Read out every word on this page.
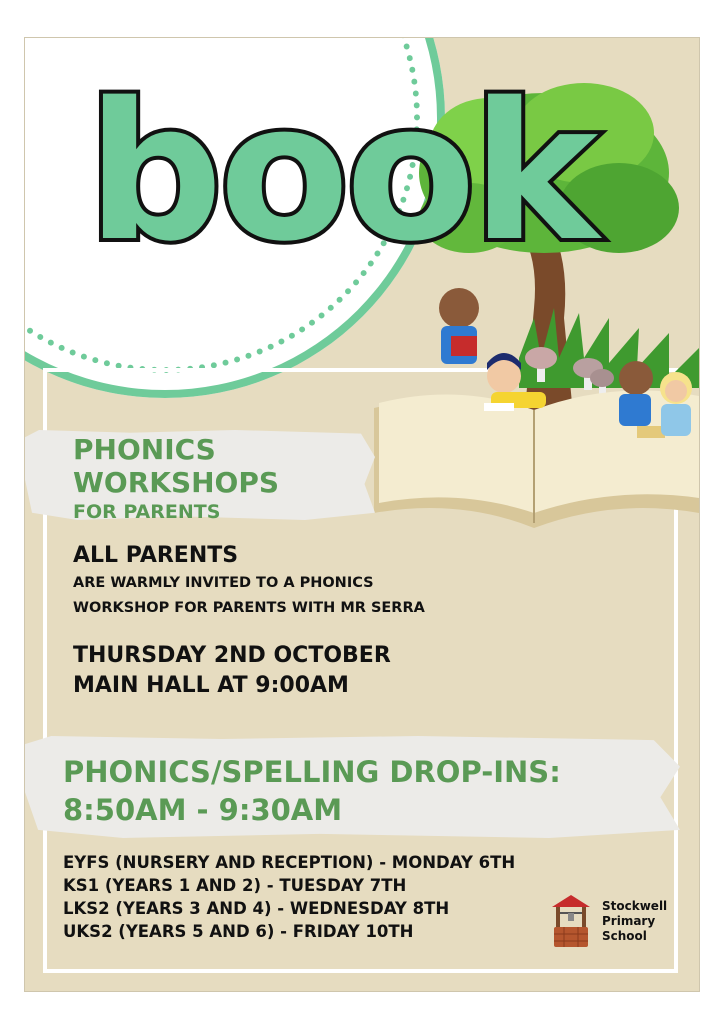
book

PHONICS

WORKSHOPS

FOR PARENTS

ALL PARENTS

ARE WARMLY INVITED TO A PHONICS

WORKSHOP FOR PARENTS WITH MR SERRA

THURSDAY 2ND OCTOBER

MAIN HALL AT 9:00AM

PHONICS/SPELLING DROP-INS:

8:50AM - 9:30AM

EYFS (NURSERY AND RECEPTION) - MONDAY 6TH

KS1 (YEARS 1 AND 2) - TUESDAY 7TH

LKS2 (YEARS 3 AND 4) - WEDNESDAY 8TH

UKS2 (YEARS 5 AND 6) - FRIDAY 10TH

Stockwell
Primary
School
